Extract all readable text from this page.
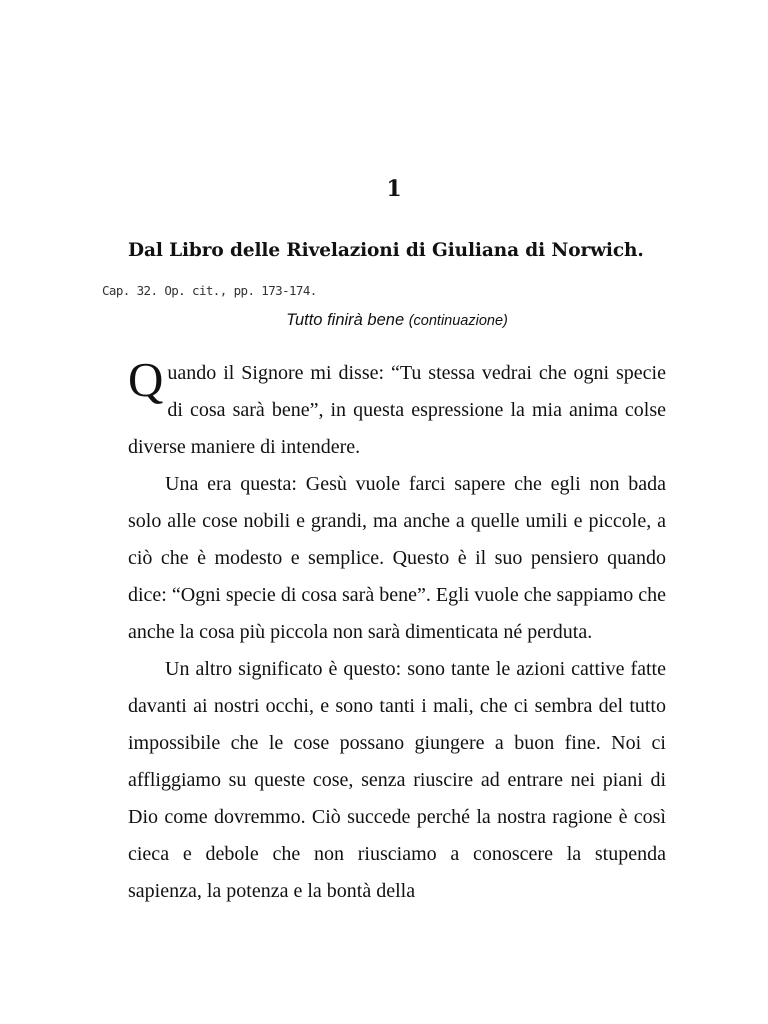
1
Dal Libro delle Rivelazioni di Giuliana di Norwich.
Cap. 32. Op. cit., pp. 173-174.
Tutto finirà bene (continuazione)

Quando il Signore mi disse: “Tu stessa vedrai che ogni specie di cosa sarà bene”, in questa espressione la mia anima colse diverse maniere di intendere.

Una era questa: Gesù vuole farci sapere che egli non bada solo alle cose nobili e grandi, ma anche a quelle umili e piccole, a ciò che è modesto e semplice. Questo è il suo pensiero quando dice: “Ogni specie di cosa sarà bene”. Egli vuole che sappiamo che anche la cosa più piccola non sarà dimenticata né perduta.

Un altro significato è questo: sono tante le azioni cattive fatte davanti ai nostri occhi, e sono tanti i mali, che ci sembra del tutto impossibile che le cose possano giungere a buon fine. Noi ci affliggiamo su queste cose, senza riuscire ad entrare nei piani di Dio come dovremmo. Ciò succede perché la nostra ragione è così cieca e debole che non riusciamo a conoscere la stupenda sapienza, la potenza e la bontà della
